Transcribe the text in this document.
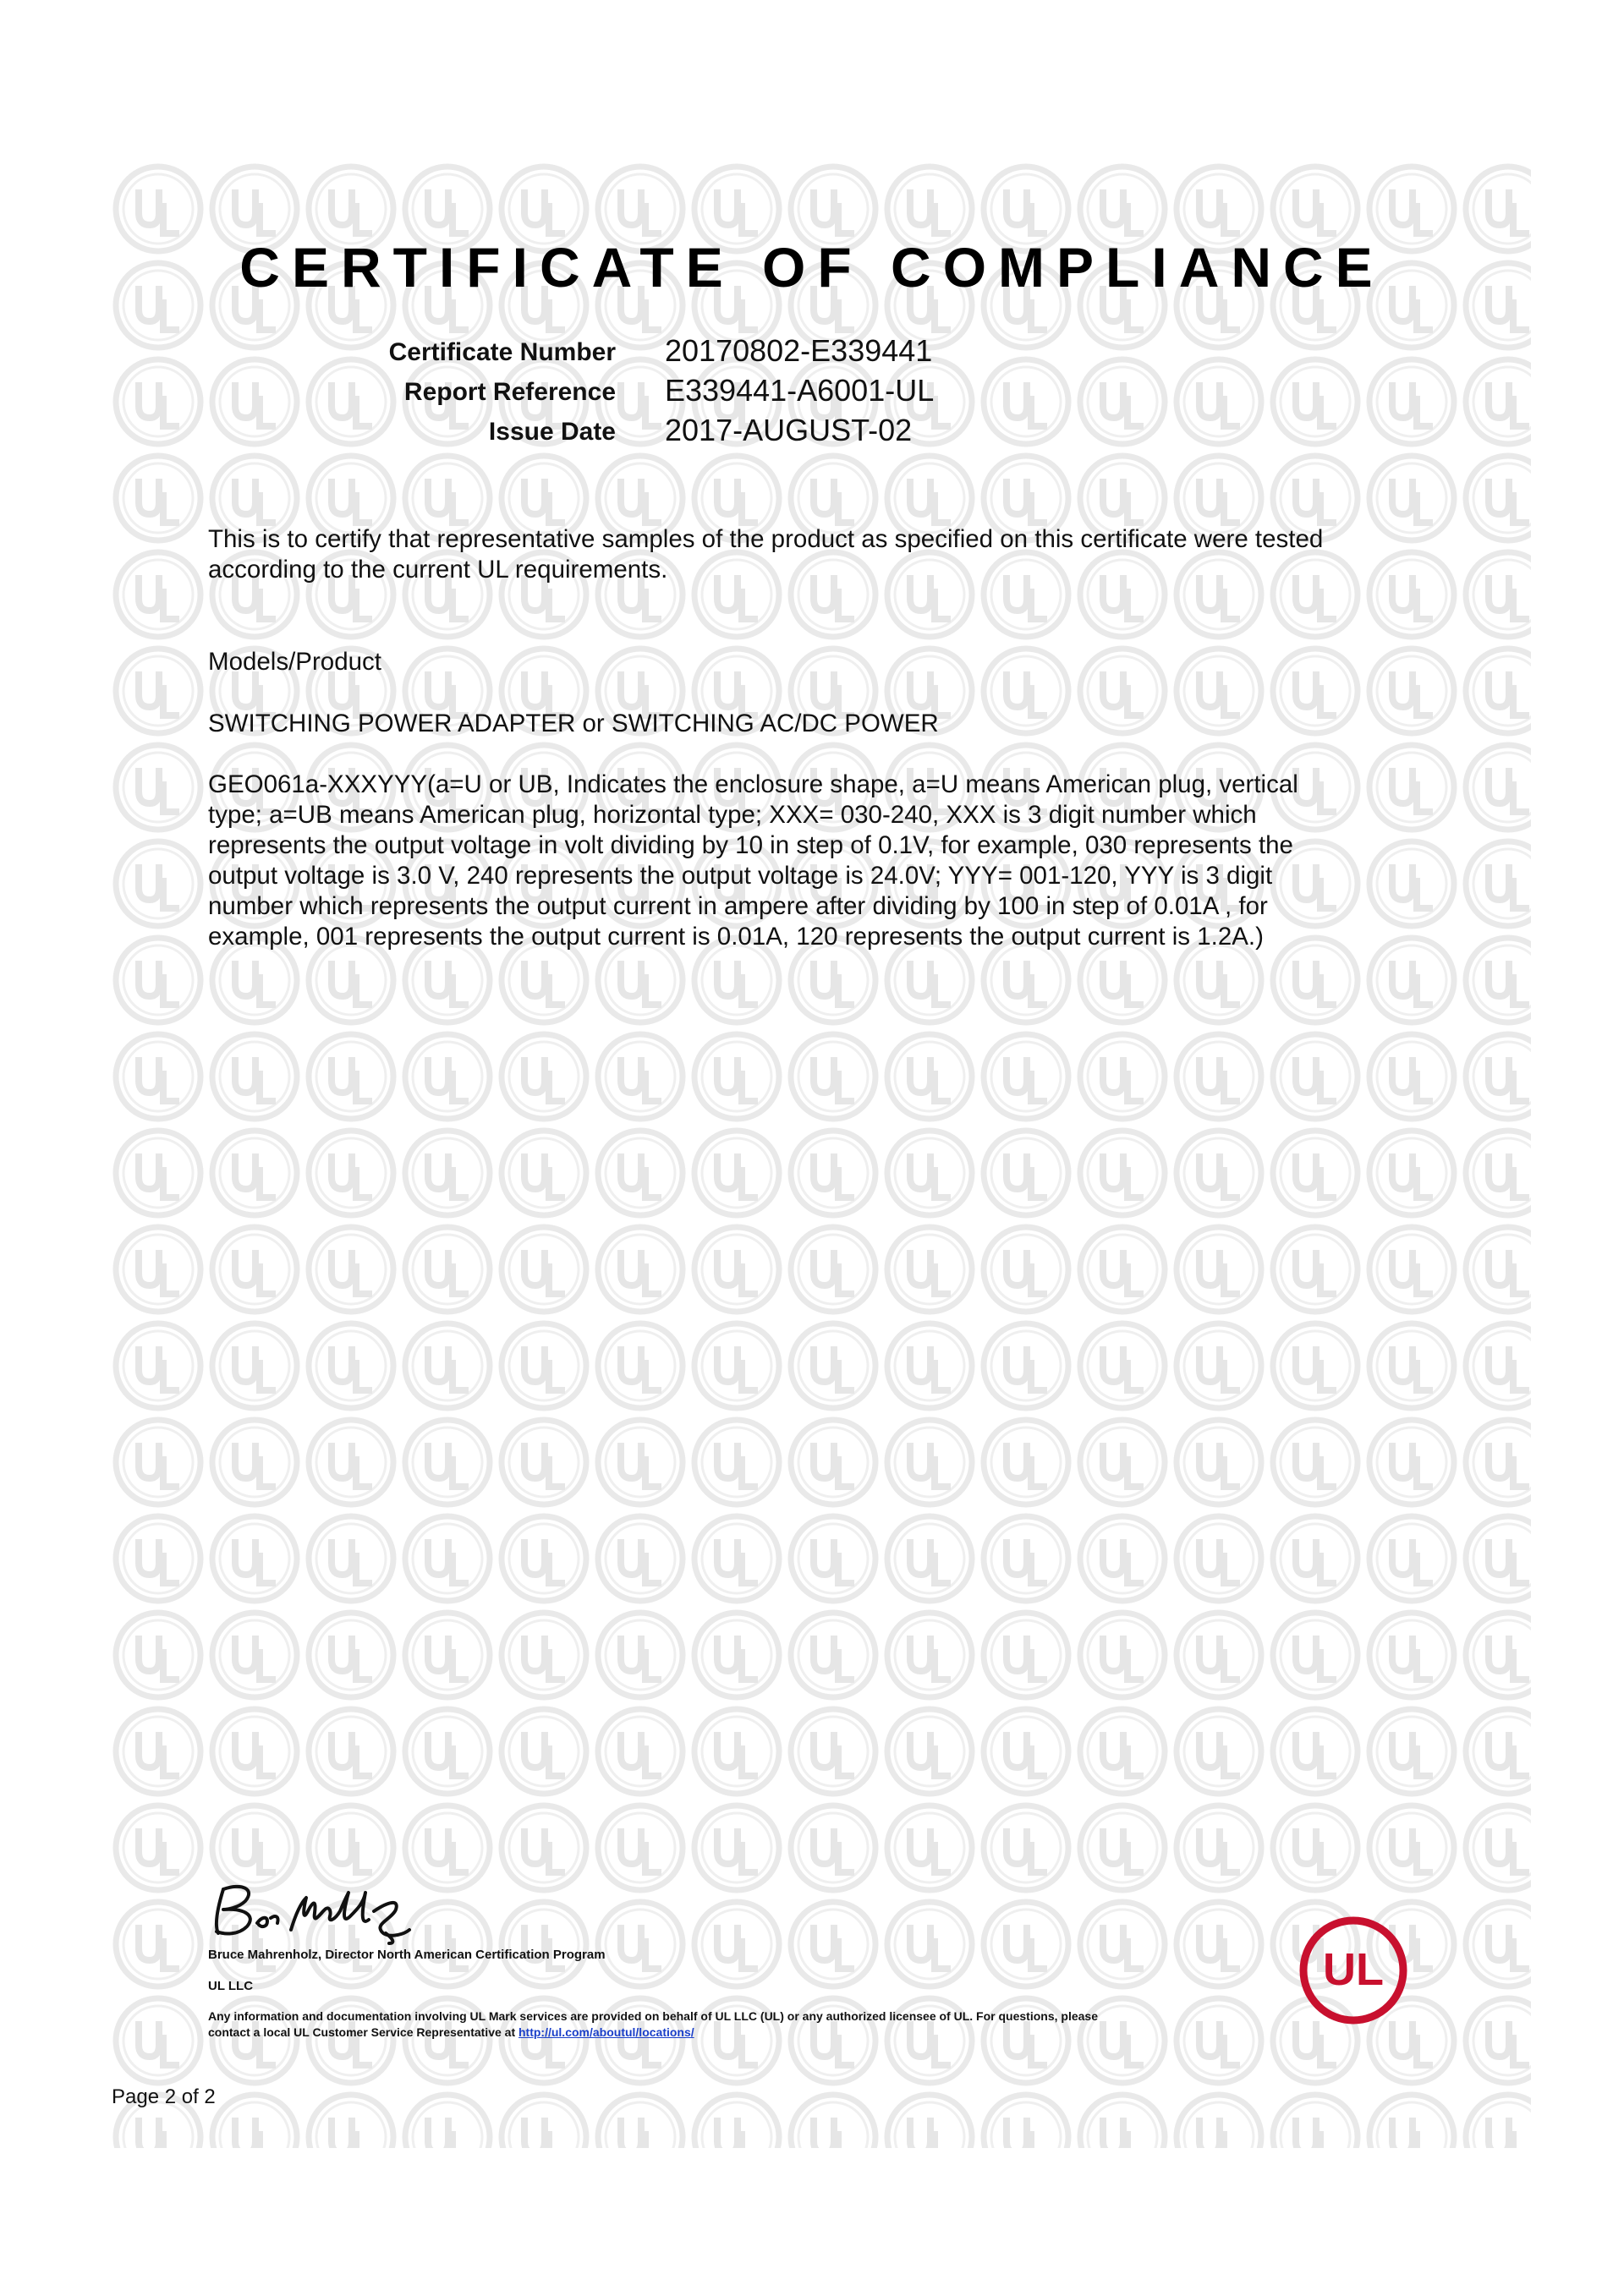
CERTIFICATE OF COMPLIANCE
Certificate Number 20170802-E339441
Report Reference E339441-A6001-UL
Issue Date 2017-AUGUST-02
This is to certify that representative samples of the product as specified on this certificate were tested
according to the current UL requirements.
Models/Product
SWITCHING POWER ADAPTER or SWITCHING AC/DC POWER
GEO061a-XXXYYY(a=U or UB, Indicates the enclosure shape, a=U means American plug, vertical
type; a=UB means American plug, horizontal type; XXX= 030-240, XXX is 3 digit number which
represents the output voltage in volt dividing by 10 in step of 0.1V, for example, 030 represents the
output voltage is 3.0 V, 240 represents the output voltage is 24.0V; YYY= 001-120, YYY is 3 digit
number which represents the output current in ampere after dividing by 100 in step of 0.01A , for
example, 001 represents the output current is 0.01A, 120 represents the output current is 1.2A.)
Bruce Mahrenholz, Director North American Certification Program
UL LLC
Any information and documentation involving UL Mark services are provided on behalf of UL LLC (UL) or any authorized licensee of UL. For questions, please
contact a local UL Customer Service Representative at http://ul.com/aboutul/locations/
UL
Page 2 of 2
